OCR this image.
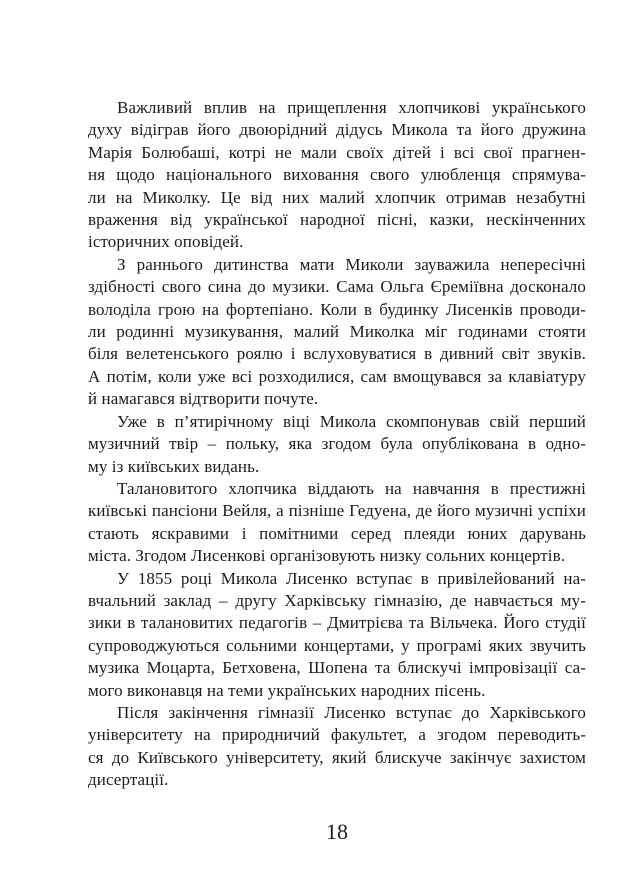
Важливий вплив на прищеплення хлопчикові українського
духу відіграв його двоюрідний дідусь Микола та його дружина
Марія Болюбаші, котрі не мали своїх дітей і всі свої прагнен-
ня щодо національного виховання свого улюбленця спрямува-
ли на Миколку. Це від них малий хлопчик отримав незабутні
враження від української народної пісні, казки, нескінченних
історичних оповідей.

З раннього дитинства мати Миколи зауважила непересічні
здібності свого сина до музики. Сама Ольга Єреміївна досконало
володіла грою на фортепіано. Коли в будинку Лисенків проводи-
ли родинні музикування, малий Миколка міг годинами стояти
біля велетенського роялю і вслуховуватися в дивний світ звуків.
А потім, коли уже всі розходилися, сам вмощувався за клавіатуру
й намагався відтворити почуте.

Уже в п’ятирічному віці Микола скомпонував свій перший
музичний твір – польку, яка згодом була опублікована в одно-
му із київських видань.

Талановитого хлопчика віддають на навчання в престижні
київські пансіони Вейля, а пізніше Гедуена, де його музичні успіхи
стають яскравими і помітними серед плеяди юних дарувань
міста. Згодом Лисенкові організовують низку сольних концертів.

У 1855 році Микола Лисенко вступає в привілейований на-
вчальний заклад – другу Харківську гімназію, де навчається му-
зики в талановитих педагогів – Дмитрієва та Вільчека. Його студії
супроводжуються сольними концертами, у програмі яких звучить
музика Моцарта, Бетховена, Шопена та блискучі імпровізації са-
мого виконавця на теми українських народних пісень.

Після закінчення гімназії Лисенко вступає до Харківського
університету на природничий факультет, а згодом переводить-
ся до Київського університету, який блискуче закінчує захистом
дисертації.

18
